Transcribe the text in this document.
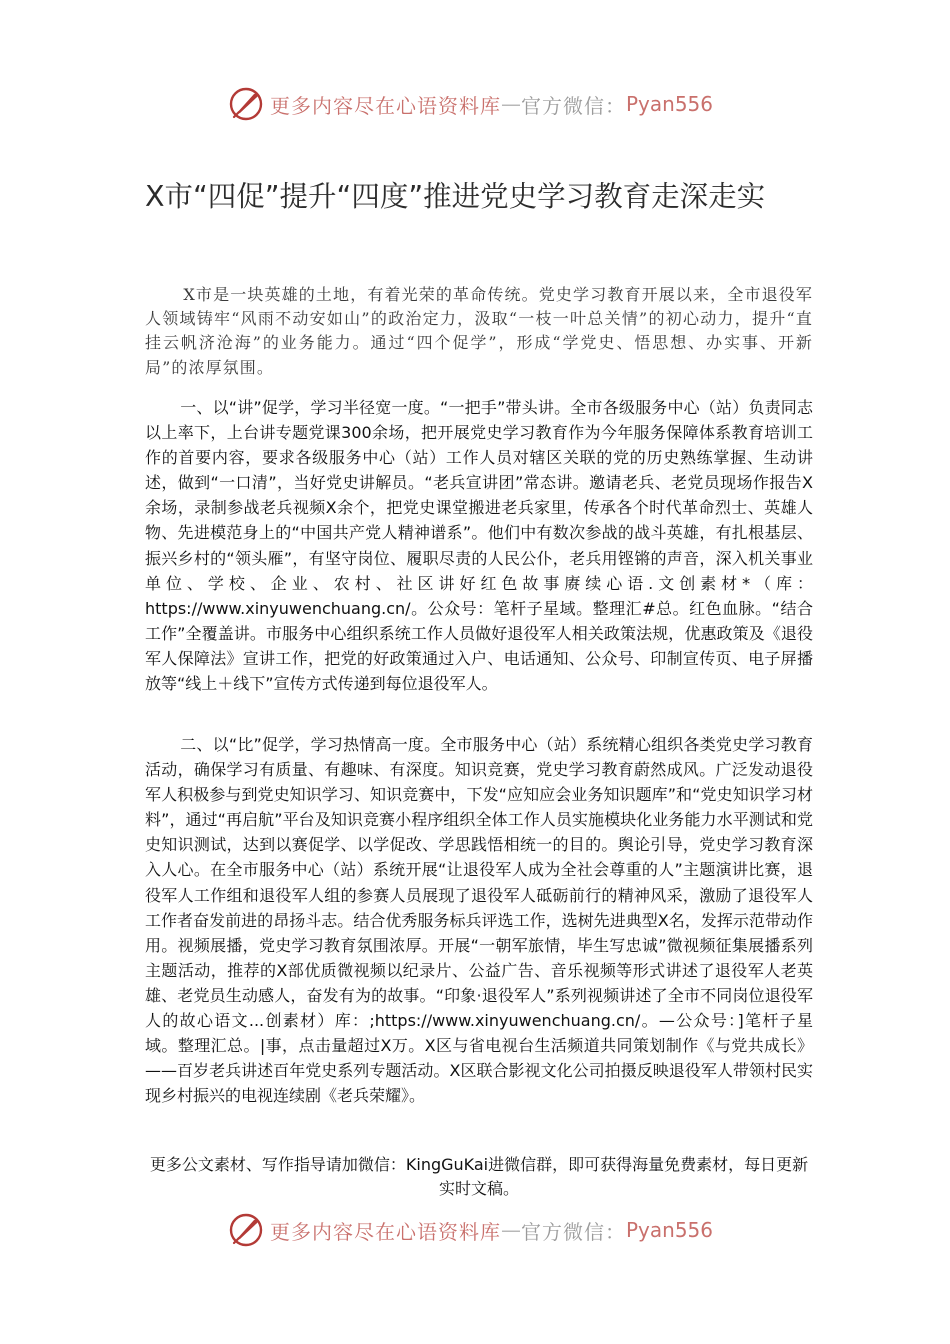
更多内容尽在心语资料库 — 官方微信： Pyan556
X市“四促”提升“四度”推进党史学习教育走深走实

X市是一块英雄的土地，有着光荣的革命传统。党史学习教育开展以来，全市退役军人领域铸牢“风雨不动安如山”的政治定力，汲取“一枝一叶总关情”的初心动力，提升“直挂云帆济沧海”的业务能力。通过“四个促学”，形成“学党史、悟思想、办实事、开新局”的浓厚氛围。

一、以“讲”促学，学习半径宽一度。“一把手”带头讲。全市各级服务中心（站）负责同志以上率下，上台讲专题党课300余场，把开展党史学习教育作为今年服务保障体系教育培训工作的首要内容，要求各级服务中心（站）工作人员对辖区关联的党的历史熟练掌握、生动讲述，做到“一口清”，当好党史讲解员。“老兵宣讲团”常态讲。邀请老兵、老党员现场作报告X余场，录制参战老兵视频X余个，把党史课堂搬进老兵家里，传承各个时代革命烈士、英雄人物、先进模范身上的“中国共产党人精神谱系”。他们中有数次参战的战斗英雄，有扎根基层、振兴乡村的“领头雁”，有坚守岗位、履职尽责的人民公仆，老兵用铿锵的声音，深入机关事业单位、学校、企业、农村、社区讲好红色故事赓续心语.文创素材*（库：https://www.xinyuwenchuang.cn/。公众号：笔杆子星域。整理汇#总。红色血脉。“结合工作”全覆盖讲。市服务中心组织系统工作人员做好退役军人相关政策法规，优惠政策及《退役军人保障法》宣讲工作，把党的好政策通过入户、电话通知、公众号、印制宣传页、电子屏播放等“线上＋线下”宣传方式传递到每位退役军人。

二、以“比”促学，学习热情高一度。全市服务中心（站）系统精心组织各类党史学习教育活动，确保学习有质量、有趣味、有深度。知识竞赛，党史学习教育蔚然成风。广泛发动退役军人积极参与到党史知识学习、知识竞赛中，下发“应知应会业务知识题库”和“党史知识学习材料”，通过“再启航”平台及知识竞赛小程序组织全体工作人员实施模块化业务能力水平测试和党史知识测试，达到以赛促学、以学促改、学思践悟相统一的目的。舆论引导，党史学习教育深入人心。在全市服务中心（站）系统开展“让退役军人成为全社会尊重的人”主题演讲比赛，退役军人工作组和退役军人组的参赛人员展现了退役军人砥砺前行的精神风采，激励了退役军人工作者奋发前进的昂扬斗志。结合优秀服务标兵评选工作，选树先进典型X名，发挥示范带动作用。视频展播，党史学习教育氛围浓厚。开展“一朝军旅情，毕生写忠诚”微视频征集展播系列主题活动，推荐的X部优质微视频以纪录片、公益广告、音乐视频等形式讲述了退役军人老英雄、老党员生动感人，奋发有为的故事。“印象·退役军人”系列视频讲述了全市不同岗位退役军人的故心语文...创素材）库：;https://www.xinyuwenchuang.cn/。—公众号：]笔杆子星域。整理汇总。|事，点击量超过X万。X区与省电视台生活频道共同策划制作《与党共成长》——百岁老兵讲述百年党史系列专题活动。X区联合影视文化公司拍摄反映退役军人带领村民实现乡村振兴的电视连续剧《老兵荣耀》。

更多公文素材、写作指导请加微信：KingGuKai进微信群，即可获得海量免费素材，每日更新实时文稿。

更多内容尽在心语资料库 — 官方微信： Pyan556
